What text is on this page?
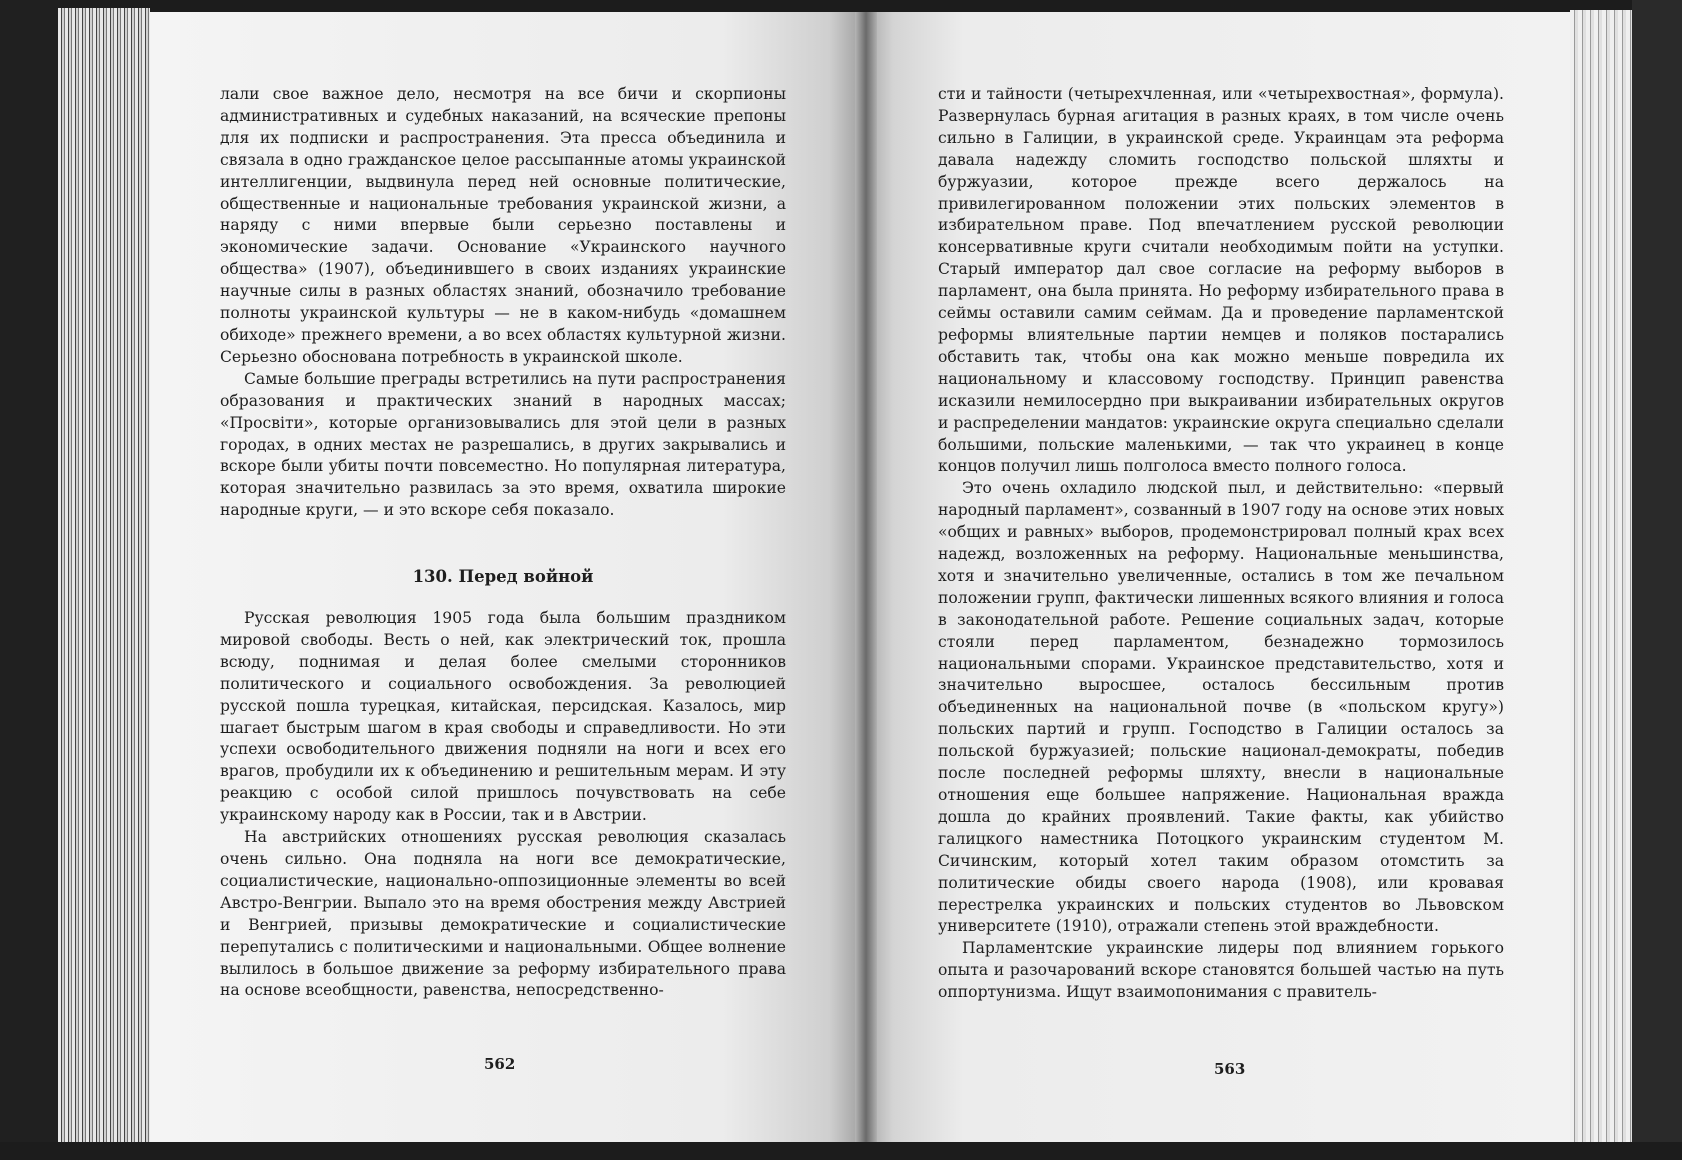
лали свое важное дело, несмотря на все бичи и скорпионы административных и судебных наказаний, на всяческие препоны для их подписки и распространения. Эта пресса объединила и связала в одно гражданское целое рассыпанные атомы украинской интеллигенции, выдвинула перед ней основные политические, общественные и национальные требования украинской жизни, а наряду с ними впервые были серьезно поставлены и экономические задачи. Основание «Украинского научного общества» (1907), объединившего в своих изданиях украинские научные силы в разных областях знаний, обозначило требование полноты украинской культуры — не в каком-нибудь «домашнем обиходе» прежнего времени, а во всех областях культурной жизни. Серьезно обоснована потребность в украинской школе.

Самые большие преграды встретились на пути распространения образования и практических знаний в народных массах; «Просвіти», которые организовывались для этой цели в разных городах, в одних местах не разрешались, в других закрывались и вскоре были убиты почти повсеместно. Но популярная литература, которая значительно развилась за это время, охватила широкие народные круги, — и это вскоре себя показало.

130. Перед войной

Русская революция 1905 года была большим праздником мировой свободы. Весть о ней, как электрический ток, прошла всюду, поднимая и делая более смелыми сторонников политического и социального освобождения. За революцией русской пошла турецкая, китайская, персидская. Казалось, мир шагает быстрым шагом в края свободы и справедливости. Но эти успехи освободительного движения подняли на ноги и всех его врагов, пробудили их к объединению и решительным мерам. И эту реакцию с особой силой пришлось почувствовать на себе украинскому народу как в России, так и в Австрии.

На австрийских отношениях русская революция сказалась очень сильно. Она подняла на ноги все демократические, социалистические, национально-оппозиционные элементы во всей Австро-Венгрии. Выпало это на время обострения между Австрией и Венгрией, призывы демократические и социалистические перепутались с политическими и национальными. Общее волнение вылилось в большое движение за реформу избирательного права на основе всеобщности, равенства, непосредственно-

562

сти и тайности (четырехчленная, или «четырехвостная», формула). Развернулась бурная агитация в разных краях, в том числе очень сильно в Галиции, в украинской среде. Украинцам эта реформа давала надежду сломить господство польской шляхты и буржуазии, которое прежде всего держалось на привилегированном положении этих польских элементов в избирательном праве. Под впечатлением русской революции консервативные круги считали необходимым пойти на уступки. Старый император дал свое согласие на реформу выборов в парламент, она была принята. Но реформу избирательного права в сеймы оставили самим сеймам. Да и проведение парламентской реформы влиятельные партии немцев и поляков постарались обставить так, чтобы она как можно меньше повредила их национальному и классовому господству. Принцип равенства исказили немилосердно при выкраивании избирательных округов и распределении мандатов: украинские округа специально сделали большими, польские маленькими, — так что украинец в конце концов получил лишь полголоса вместо полного голоса.

Это очень охладило людской пыл, и действительно: «первый народный парламент», созванный в 1907 году на основе этих новых «общих и равных» выборов, продемонстрировал полный крах всех надежд, возложенных на реформу. Национальные меньшинства, хотя и значительно увеличенные, остались в том же печальном положении групп, фактически лишенных всякого влияния и голоса в законодательной работе. Решение социальных задач, которые стояли перед парламентом, безнадежно тормозилось национальными спорами. Украинское представительство, хотя и значительно выросшее, осталось бессильным против объединенных на национальной почве (в «польском кругу») польских партий и групп. Господство в Галиции осталось за польской буржуазией; польские национал-демократы, победив после последней реформы шляхту, внесли в национальные отношения еще большее напряжение. Национальная вражда дошла до крайних проявлений. Такие факты, как убийство галицкого наместника Потоцкого украинским студентом М. Сичинским, который хотел таким образом отомстить за политические обиды своего народа (1908), или кровавая перестрелка украинских и польских студентов во Львовском университете (1910), отражали степень этой враждебности.

Парламентские украинские лидеры под влиянием горького опыта и разочарований вскоре становятся большей частью на путь оппортунизма. Ищут взаимопонимания с правитель-

563
